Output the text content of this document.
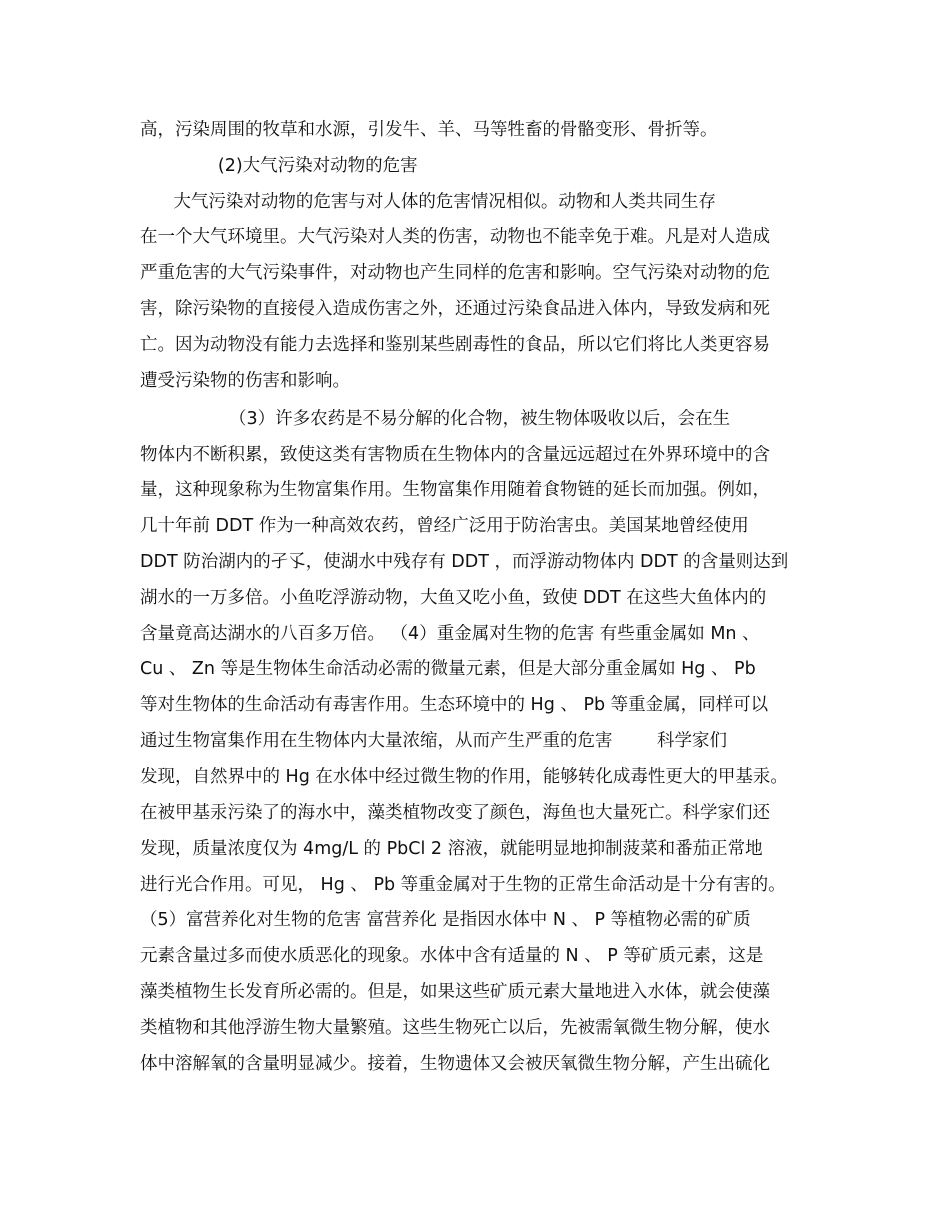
高，污染周围的牧草和水源，引发牛、羊、马等牲畜的骨骼变形、骨折等。
(2)大气污染对动物的危害
大气污染对动物的危害与对人体的危害情况相似。动物和人类共同生存
在一个大气环境里。大气污染对人类的伤害，动物也不能幸免于难。凡是对人造成
严重危害的大气污染事件，对动物也产生同样的危害和影响。空气污染对动物的危
害，除污染物的直接侵入造成伤害之外，还通过污染食品进入体内，导致发病和死
亡。因为动物没有能力去选择和鉴别某些剧毒性的食品，所以它们将比人类更容易
遭受污染物的伤害和影响。
（3）许多农药是不易分解的化合物，被生物体吸收以后，会在生
物体内不断积累，致使这类有害物质在生物体内的含量远远超过在外界环境中的含
量，这种现象称为生物富集作用。生物富集作用随着食物链的延长而加强。例如，
几十年前 DDT 作为一种高效农药，曾经广泛用于防治害虫。美国某地曾经使用
DDT 防治湖内的孑孓，使湖水中残存有 DDT ，而浮游动物体内 DDT 的含量则达到
湖水的一万多倍。小鱼吃浮游动物，大鱼又吃小鱼，致使 DDT 在这些大鱼体内的
含量竟高达湖水的八百多万倍。 （4）重金属对生物的危害 有些重金属如 Mn 、
Cu 、 Zn 等是生物体生命活动必需的微量元素，但是大部分重金属如 Hg 、 Pb
等对生物体的生命活动有毒害作用。生态环境中的 Hg 、 Pb 等重金属，同样可以
通过生物富集作用在生物体内大量浓缩，从而产生严重的危害        科学家们
发现，自然界中的 Hg 在水体中经过微生物的作用，能够转化成毒性更大的甲基汞。
在被甲基汞污染了的海水中，藻类植物改变了颜色，海鱼也大量死亡。科学家们还
发现，质量浓度仅为 4mg/L 的 PbCl 2 溶液，就能明显地抑制菠菜和番茄正常地
进行光合作用。可见， Hg 、 Pb 等重金属对于生物的正常生命活动是十分有害的。
（5）富营养化对生物的危害 富营养化 是指因水体中 N 、 P 等植物必需的矿质
元素含量过多而使水质恶化的现象。水体中含有适量的 N 、 P 等矿质元素，这是
藻类植物生长发育所必需的。但是，如果这些矿质元素大量地进入水体，就会使藻
类植物和其他浮游生物大量繁殖。这些生物死亡以后，先被需氧微生物分解，使水
体中溶解氧的含量明显减少。接着，生物遗体又会被厌氧微生物分解，产生出硫化
